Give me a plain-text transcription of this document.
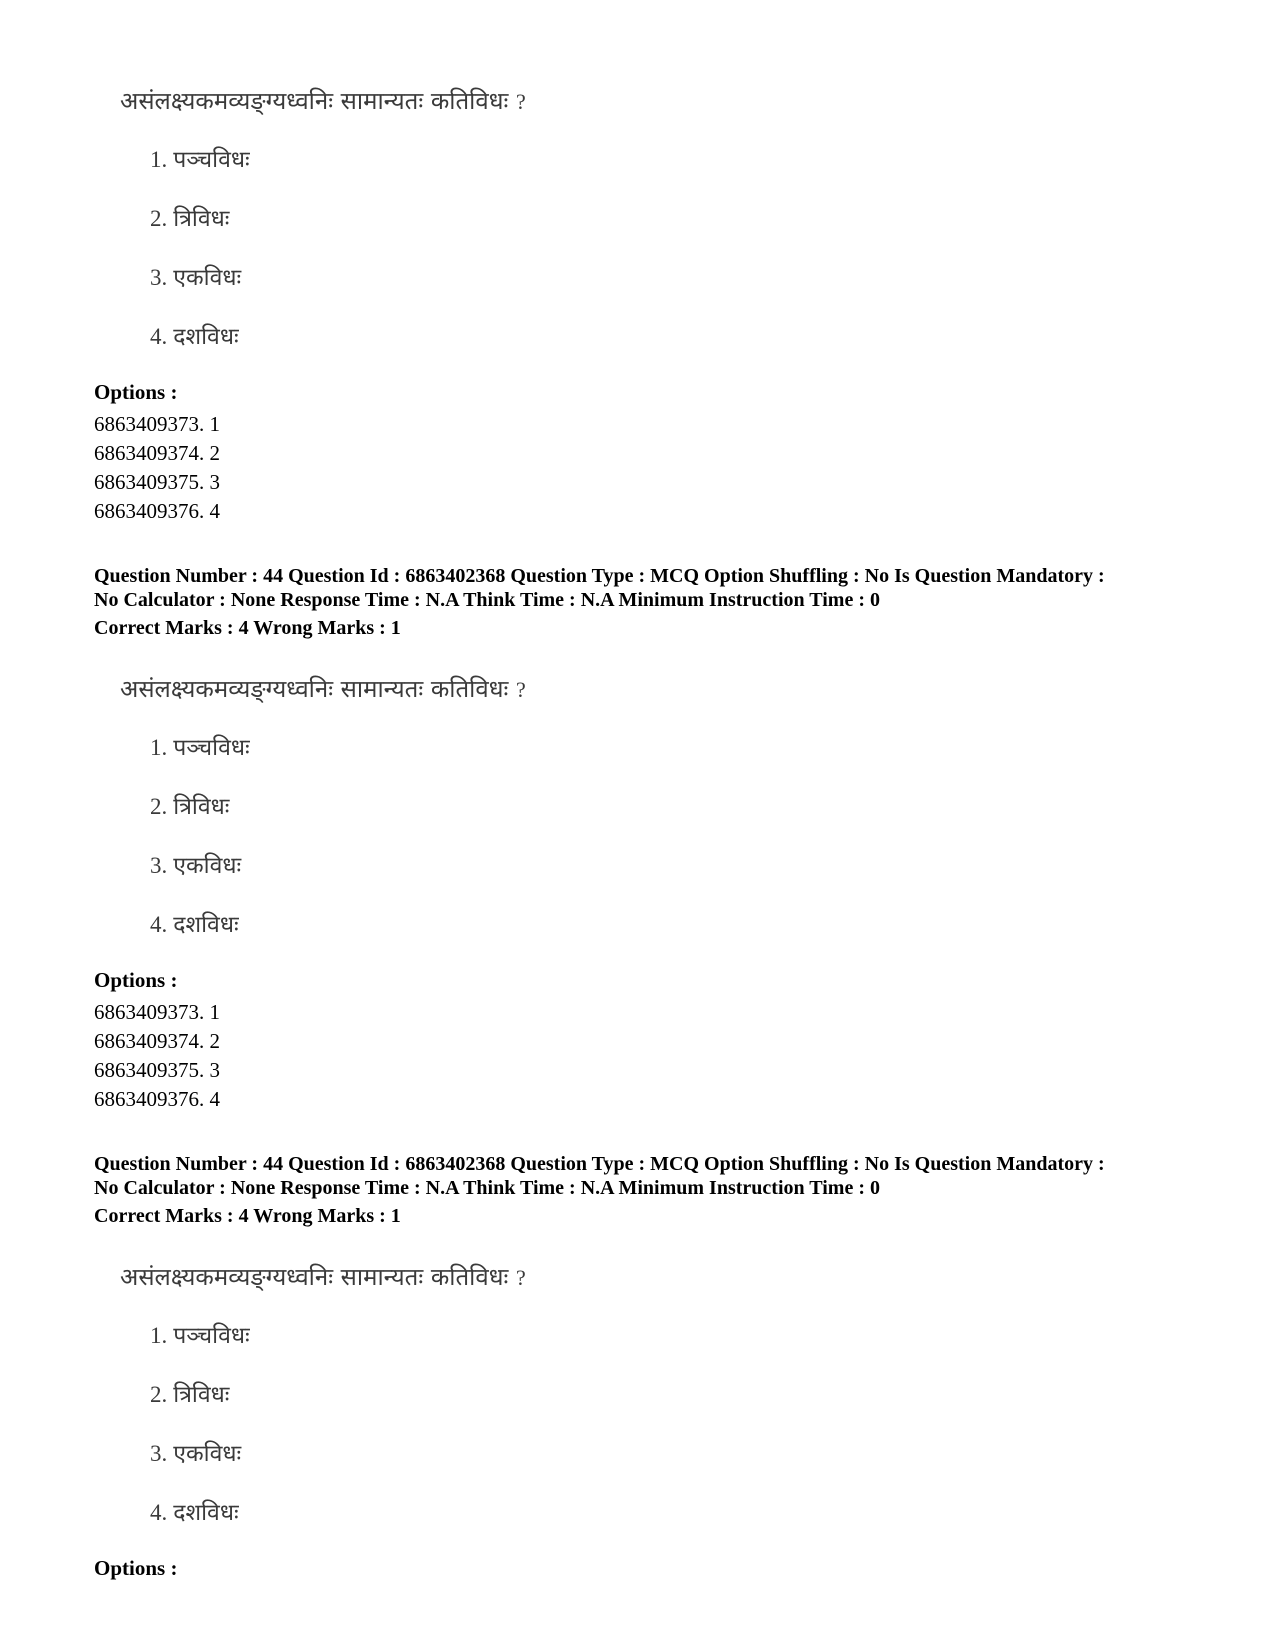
असंलक्ष्यकमव्यङ्ग्यध्वनिः सामान्यतः कतिविधः ?
1. पञ्चविधः
2. त्रिविधः
3. एकविधः
4. दशविधः
Options :
6863409373. 1
6863409374. 2
6863409375. 3
6863409376. 4
Question Number : 44 Question Id : 6863402368 Question Type : MCQ Option Shuffling : No Is Question Mandatory :
No Calculator : None Response Time : N.A Think Time : N.A Minimum Instruction Time : 0
Correct Marks : 4 Wrong Marks : 1
असंलक्ष्यकमव्यङ्ग्यध्वनिः सामान्यतः कतिविधः ?
1. पञ्चविधः
2. त्रिविधः
3. एकविधः
4. दशविधः
Options :
6863409373. 1
6863409374. 2
6863409375. 3
6863409376. 4
Question Number : 44 Question Id : 6863402368 Question Type : MCQ Option Shuffling : No Is Question Mandatory :
No Calculator : None Response Time : N.A Think Time : N.A Minimum Instruction Time : 0
Correct Marks : 4 Wrong Marks : 1
असंलक्ष्यकमव्यङ्ग्यध्वनिः सामान्यतः कतिविधः ?
1. पञ्चविधः
2. त्रिविधः
3. एकविधः
4. दशविधः
Options :
